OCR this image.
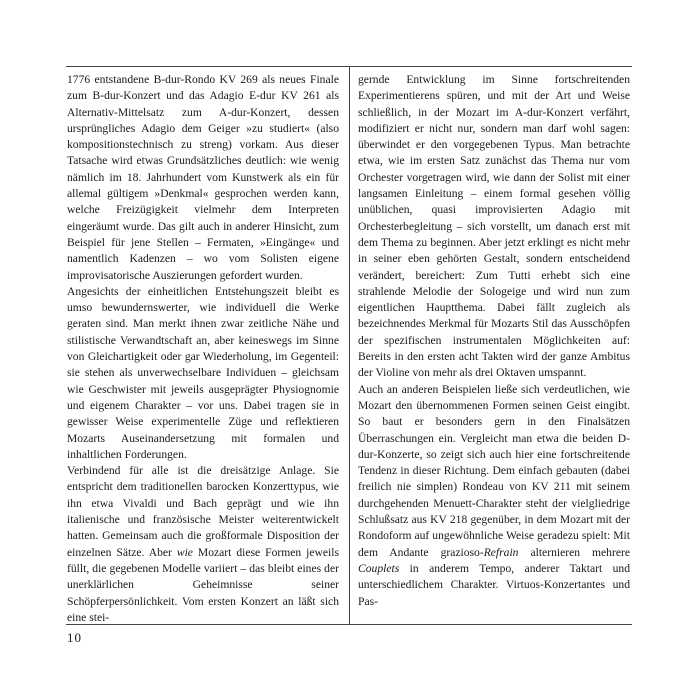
1776 entstandene B-dur-Rondo KV 269 als neues Finale zum B-dur-Konzert und das Adagio E-dur KV 261 als Alternativ-Mittelsatz zum A-dur-Konzert, dessen ursprüngliches Adagio dem Geiger »zu studiert« (also kompositionstechnisch zu streng) vorkam. Aus dieser Tatsache wird etwas Grundsätzliches deutlich: wie wenig nämlich im 18. Jahrhundert vom Kunstwerk als ein für allemal gültigem »Denkmal« gesprochen werden kann, welche Freizügigkeit vielmehr dem Interpreten eingeräumt wurde. Das gilt auch in anderer Hinsicht, zum Beispiel für jene Stellen – Fermaten, »Eingänge« und namentlich Kadenzen – wo vom Solisten eigene improvisatorische Auszierungen gefordert wurden.

Angesichts der einheitlichen Entstehungszeit bleibt es umso bewundernswerter, wie individuell die Werke geraten sind. Man merkt ihnen zwar zeitliche Nähe und stilistische Verwandtschaft an, aber keineswegs im Sinne von Gleichartigkeit oder gar Wiederholung, im Gegenteil: sie stehen als unverwechselbare Individuen – gleichsam wie Geschwister mit jeweils ausgeprägter Physiognomie und eigenem Charakter – vor uns. Dabei tragen sie in gewisser Weise experimentelle Züge und reflektieren Mozarts Auseinandersetzung mit formalen und inhaltlichen Forderungen.

Verbindend für alle ist die dreisätzige Anlage. Sie entspricht dem traditionellen barocken Konzerttypus, wie ihn etwa Vivaldi und Bach geprägt und wie ihn italienische und französische Meister weiterentwickelt hatten. Gemeinsam auch die großformale Disposition der einzelnen Sätze. Aber wie Mozart diese Formen jeweils füllt, die gegebenen Modelle variiert – das bleibt eines der unerklärlichen Geheimnisse seiner Schöpferpersönlichkeit. Vom ersten Konzert an läßt sich eine stei-

gernde Entwicklung im Sinne fortschreitenden Experimentierens spüren, und mit der Art und Weise schließlich, in der Mozart im A-dur-Konzert verfährt, modifiziert er nicht nur, sondern man darf wohl sagen: überwindet er den vorgegebenen Typus. Man betrachte etwa, wie im ersten Satz zunächst das Thema nur vom Orchester vorgetragen wird, wie dann der Solist mit einer langsamen Einleitung – einem formal gesehen völlig unüblichen, quasi improvisierten Adagio mit Orchesterbegleitung – sich vorstellt, um danach erst mit dem Thema zu beginnen. Aber jetzt erklingt es nicht mehr in seiner eben gehörten Gestalt, sondern entscheidend verändert, bereichert: Zum Tutti erhebt sich eine strahlende Melodie der Sologeige und wird nun zum eigentlichen Hauptthema. Dabei fällt zugleich als bezeichnendes Merkmal für Mozarts Stil das Ausschöpfen der spezifischen instrumentalen Möglichkeiten auf: Bereits in den ersten acht Takten wird der ganze Ambitus der Violine von mehr als drei Oktaven umspannt.

Auch an anderen Beispielen ließe sich verdeutlichen, wie Mozart den übernommenen Formen seinen Geist eingibt. So baut er besonders gern in den Finalsätzen Überraschungen ein. Vergleicht man etwa die beiden D-dur-Konzerte, so zeigt sich auch hier eine fortschreitende Tendenz in dieser Richtung. Dem einfach gebauten (dabei freilich nie simplen) Rondeau von KV 211 mit seinem durchgehenden Menuett-Charakter steht der vielgliedrige Schlußsatz aus KV 218 gegenüber, in dem Mozart mit der Rondoform auf ungewöhnliche Weise geradezu spielt: Mit dem Andante grazioso-Refrain alternieren mehrere Couplets in anderem Tempo, anderer Taktart und unterschiedlichem Charakter. Virtuos-Konzertantes und Pas-

10
